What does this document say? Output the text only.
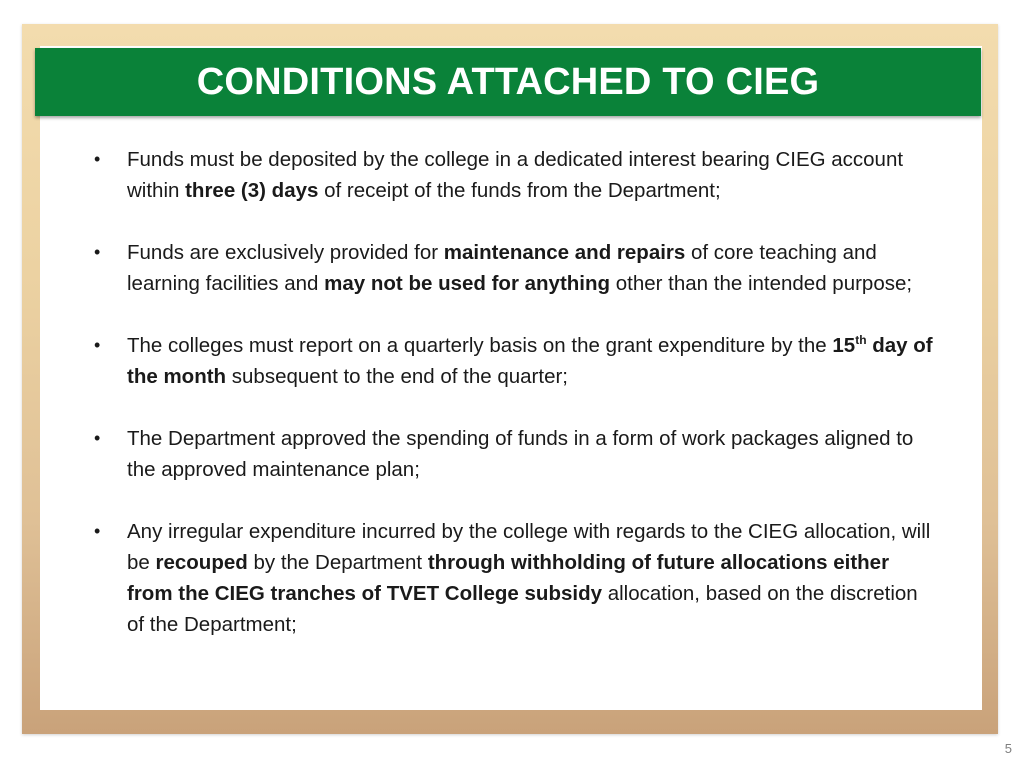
CONDITIONS ATTACHED TO CIEG
•	Funds must be deposited by the college in a dedicated interest bearing CIEG account within three (3) days of receipt of the funds from the Department;
•	Funds are exclusively provided for maintenance and repairs of core teaching and learning facilities and may not be used for anything other than the intended purpose;
•	The colleges must report on a quarterly basis on the grant expenditure by the 15th day of the month subsequent to the end of the quarter;
•	The Department approved the spending of funds in a form of work packages aligned to the approved maintenance plan;
•	Any irregular expenditure incurred by the college with regards to the CIEG allocation, will be recouped by the Department through withholding of future allocations either from the CIEG tranches of TVET College subsidy allocation, based on the discretion of the Department;
5
